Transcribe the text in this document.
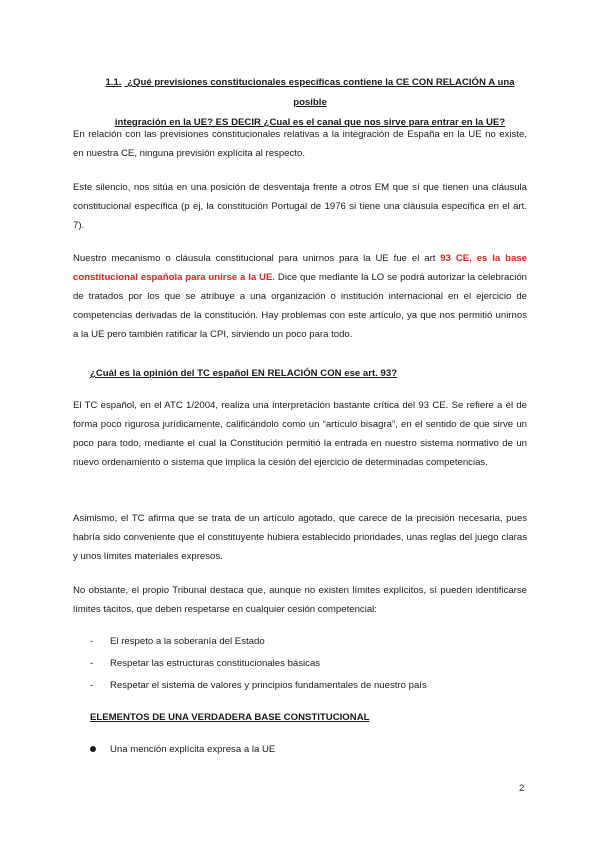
1.1. ¿Qué previsiones constitucionales específicas contiene la CE CON RELACIÓN A una posible
integración en la UE? ES DECIR ¿Cual es el canal que nos sirve para entrar en la UE?

En relación con las previsiones constitucionales relativas a la integración de España en la UE no existe, en nuestra CE, ninguna previsión explícita al respecto.

Este silencio, nos sitúa en una posición de desventaja frente a otros EM que sí que tienen una cláusula constitucional específica (p ej, la constitución Portugal de 1976 si tiene una cláusula específica en el art. 7).

Nuestro mecanismo o cláusula constitucional para unirnos para la UE fue el art 93 CE, es la base constitucional española para unirse a la UE. Dice que mediante la LO se podrá autorizar la celebración de tratados por los que se atribuye a una organización o institución internacional en el ejercicio de competencias derivadas de la constitución. Hay problemas con este artículo, ya que nos permitió unirnos a la UE pero también ratificar la CPI, sirviendo un poco para todo.

¿Cuál es la opinión del TC español EN RELACIÓN CON ese art. 93?

El TC español, en el ATC 1/2004, realiza una interpretación bastante crítica del 93 CE. Se refiere a él de forma poco rigurosa jurídicamente, calificándolo como un “artículo bisagra”, en el sentido de que sirve un poco para todo, mediante el cual la Constitución permitió la entrada en nuestro sistema normativo de un nuevo ordenamiento o sistema que implica la cesión del ejercicio de determinadas competencias.

Asimismo, el TC afirma que se trata de un artículo agotado, que carece de la precisión necesaria, pues habría sido conveniente que el constituyente hubiera establecido prioridades, unas reglas del juego claras y unos límites materiales expresos.

No obstante, el propio Tribunal destaca que, aunque no existen límites explícitos, sí pueden identificarse límites tácitos, que deben respetarse en cualquier cesión competencial:

- El respeto a la soberanía del Estado
- Respetar las estructuras constitucionales básicas
- Respetar el sistema de valores y principios fundamentales de nuestro país

ELEMENTOS DE UNA VERDADERA BASE CONSTITUCIONAL

Una mención explícita expresa a la UE

2
